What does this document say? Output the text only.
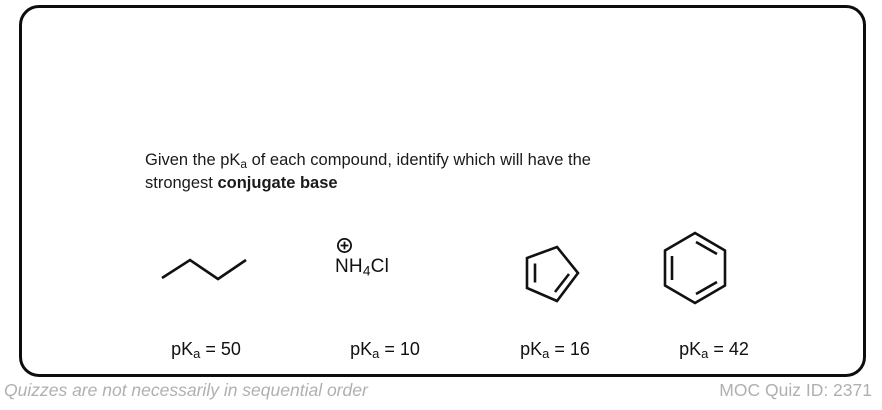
Given the $pK_a$ of each compound, identify which will have the
strongest conjugate base
$NH_4Cl$
$pK_a = 50$	$pK_a = 10$	$pK_a = 16$	$pK_a = 42$
Quizzes are not necessarily in sequential order	MOC Quiz ID: 2371
